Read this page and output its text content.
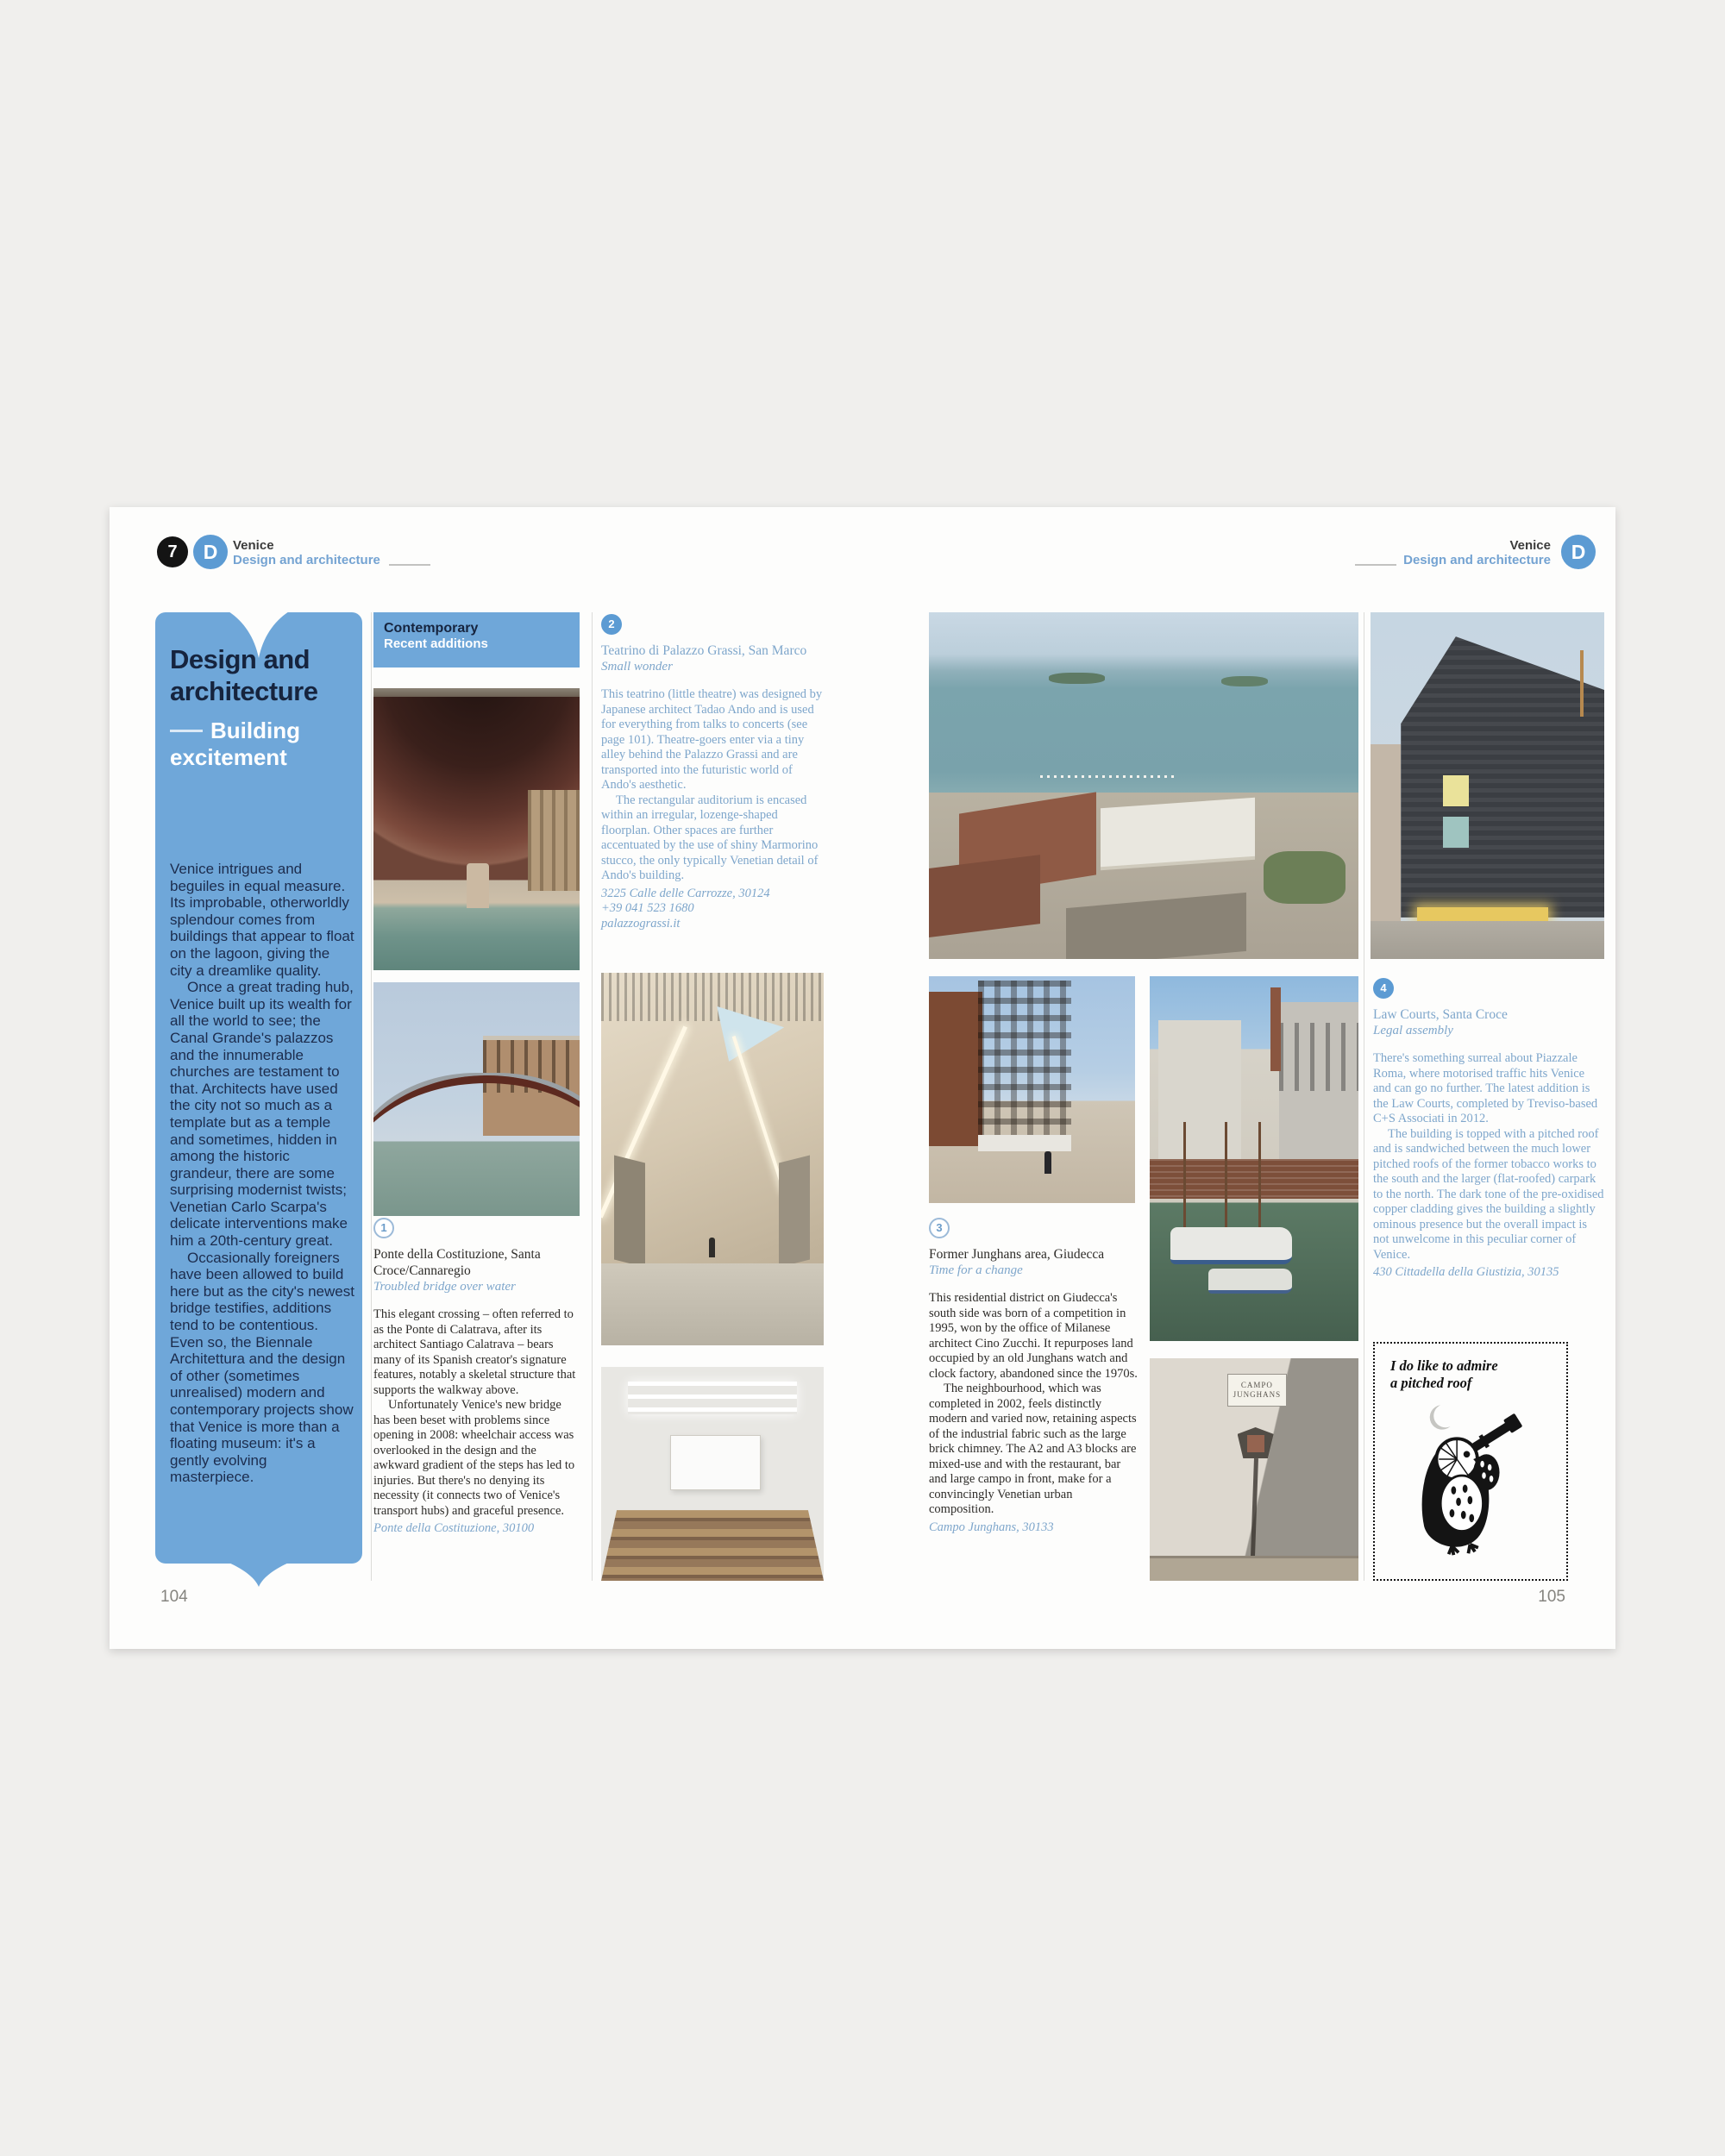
7	D	Venice
Design and architecture
Venice
Design and architecture	D
Design and
architecture
Building
excitement

Venice intrigues and beguiles in equal measure. Its improbable, otherworldly splendour comes from buildings that appear to float on the lagoon, giving the city a dreamlike quality.

Once a great trading hub, Venice built up its wealth for all the world to see; the Canal Grande's palazzos and the innumerable churches are testament to that. Architects have used the city not so much as a template but as a temple and sometimes, hidden in among the historic grandeur, there are some surprising modernist twists; Venetian Carlo Scarpa's delicate interventions make him a 20th-century great.

Occasionally foreigners have been allowed to build here but as the city's newest bridge testifies, additions tend to be contentious. Even so, the Biennale Architettura and the design of other (sometimes unrealised) modern and contemporary projects show that Venice is more than a floating museum: it's a gently evolving masterpiece.

Contemporary
Recent additions
1
Ponte della Costituzione, Santa Croce/Cannaregio
Troubled bridge over water

This elegant crossing – often referred to as the Ponte di Calatrava, after its architect Santiago Calatrava – bears many of its Spanish creator's signature features, notably a skeletal structure that supports the walkway above.

Unfortunately Venice's new bridge has been beset with problems since opening in 2008: wheelchair access was overlooked in the design and the awkward gradient of the steps has led to injuries. But there's no denying its necessity (it connects two of Venice's transport hubs) and graceful presence.

Ponte della Costituzione, 30100
2
Teatrino di Palazzo Grassi, San Marco
Small wonder

This teatrino (little theatre) was designed by Japanese architect Tadao Ando and is used for everything from talks to concerts (see page 101). Theatre-goers enter via a tiny alley behind the Palazzo Grassi and are transported into the futuristic world of Ando's aesthetic.

The rectangular auditorium is encased within an irregular, lozenge-shaped floorplan. Other spaces are further accentuated by the use of shiny Marmorino stucco, the only typically Venetian detail of Ando's building.

3225 Calle delle Carrozze, 30124
+39 041 523 1680
palazzograssi.it
3
Former Junghans area, Giudecca
Time for a change

This residential district on Giudecca's south side was born of a competition in 1995, won by the office of Milanese architect Cino Zucchi. It repurposes land occupied by an old Junghans watch and clock factory, abandoned since the 1970s.

The neighbourhood, which was completed in 2002, feels distinctly modern and varied now, retaining aspects of the industrial fabric such as the large brick chimney. The A2 and A3 blocks are mixed-use and with the restaurant, bar and large campo in front, make for a convincingly Venetian urban composition.

Campo Junghans, 30133
CAMPO
JUNGHANS
4
Law Courts, Santa Croce
Legal assembly

There's something surreal about Piazzale Roma, where motorised traffic hits Venice and can go no further. The latest addition is the Law Courts, completed by Treviso-based C+S Associati in 2012.

The building is topped with a pitched roof and is sandwiched between the much lower pitched roofs of the former tobacco works to the south and the larger (flat-roofed) carpark to the north. The dark tone of the pre-oxidised copper cladding gives the building a slightly ominous presence but the overall impact is not unwelcome in this peculiar corner of Venice.

430 Cittadella della Giustizia, 30135
I do like to admire
a pitched roof
104	105
